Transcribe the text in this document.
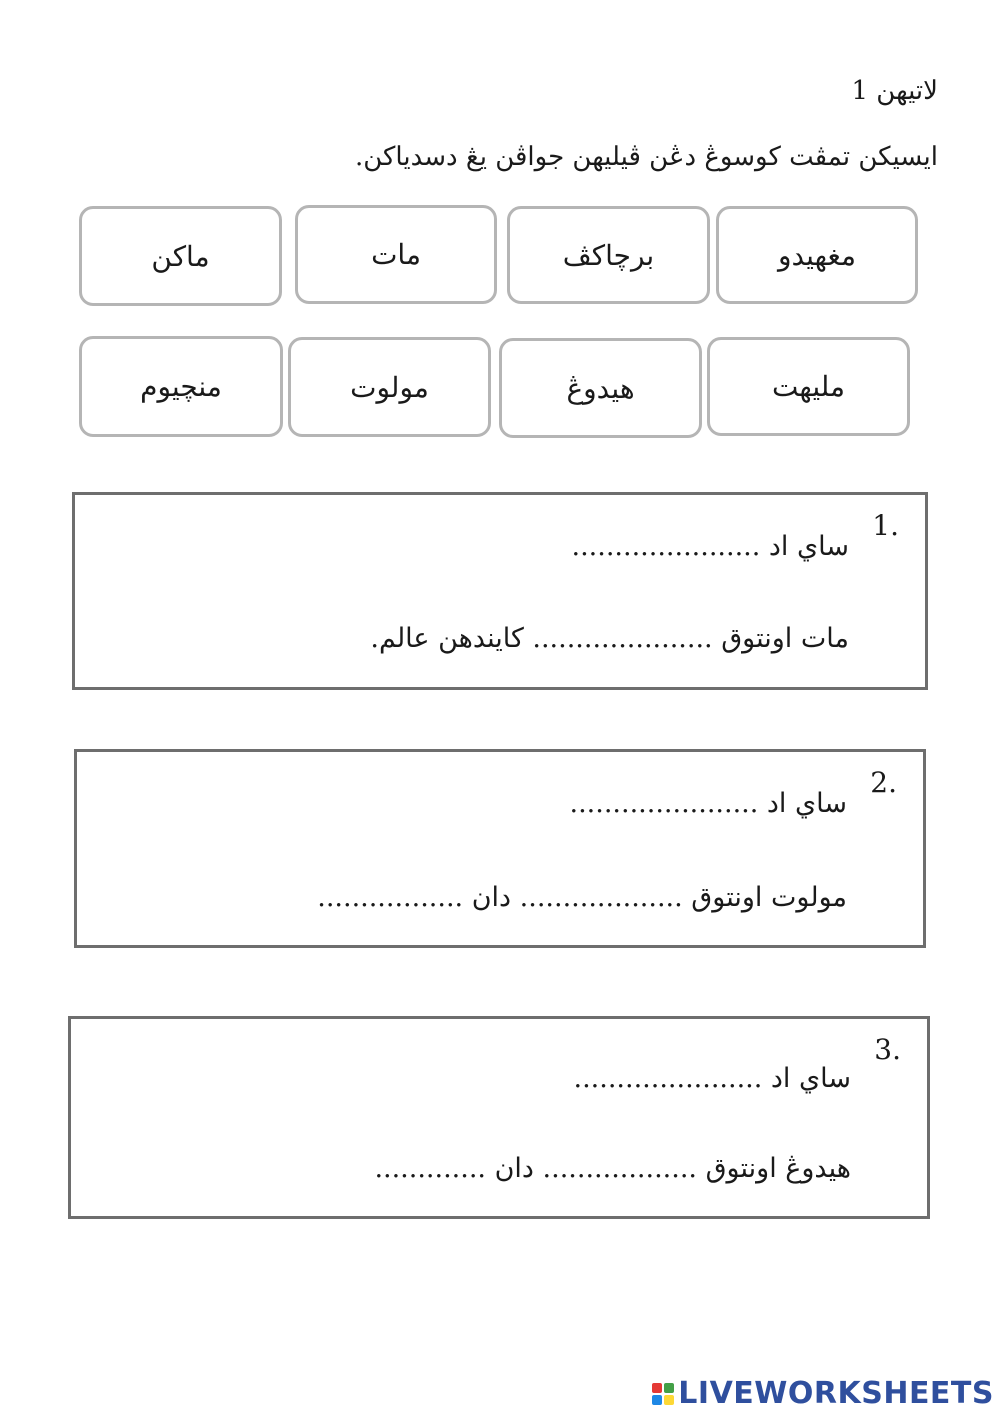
لاتيهن 1
ايسيكن تمڤت كوسوڠ دڠن ڤيليهن جواڤن يڠ دسدياكن.
مغهيدو
برچاكڤ
مات
ماكن
مليهت
هيدوڠ
مولوت
منچيوم
1.
ساي اد ......................
مات اونتوق ..................... كايندهن عالم.
2.
ساي اد ......................
مولوت اونتوق ................... دان .................
3.
ساي اد ......................
هيدوڠ اونتوق .................. دان .............
LIVEWORKSHEETS
